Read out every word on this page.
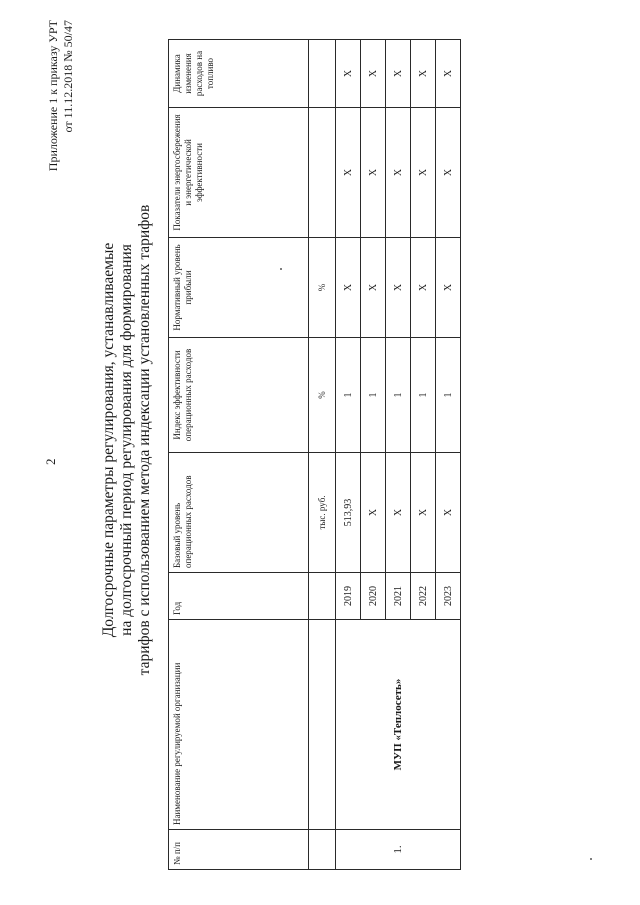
2
Приложение 1 к приказу УРТ от 11.12.2018 № 50/47
Долгосрочные параметры регулирования, устанавливаемые на долгосрочный период регулирования для формирования тарифов с использованием метода индексации установленных тарифов
№ п/п	Наименование регулируемой организации	Год	Базовый уровень операционных расходов	Индекс эффективности операционных расходов	Нормативный уровень прибыли	Показатели энергосбережения и энергетической эффективности	Динамика изменения расходов на топливо
			тыс. руб.	%	%		
1.	МУП «Теплосеть»	2019	513,93	1	X	X	X
		2020	X	1	X	X	X
		2021	X	1	X	X	X
		2022	X	1	X	X	X
		2023	X	1	X	X	X
